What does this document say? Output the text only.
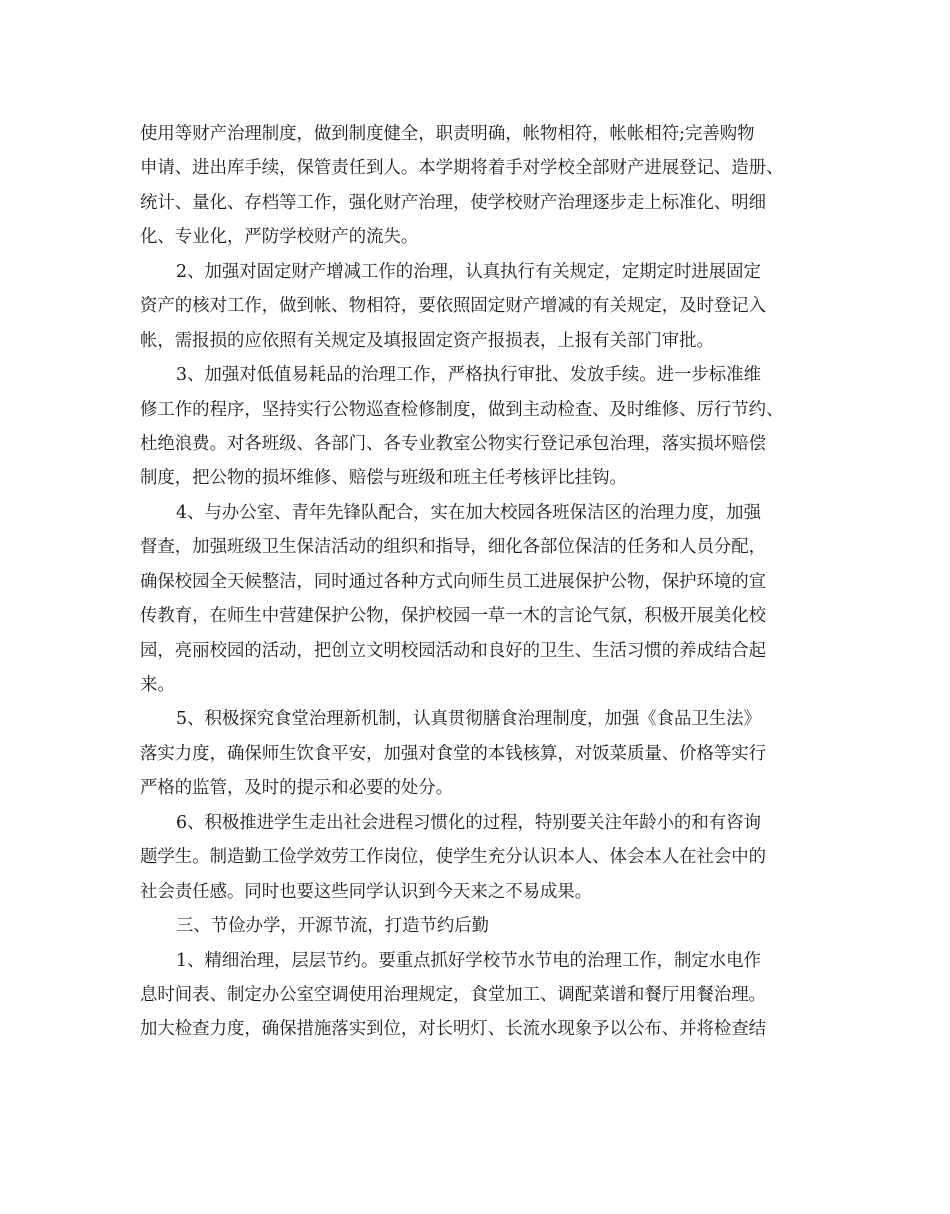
使用等财产治理制度，做到制度健全，职责明确，帐物相符，帐帐相符;完善购物
申请、进出库手续，保管责任到人。本学期将着手对学校全部财产进展登记、造册、
统计、量化、存档等工作，强化财产治理，使学校财产治理逐步走上标准化、明细
化、专业化，严防学校财产的流失。
2、加强对固定财产增减工作的治理，认真执行有关规定，定期定时进展固定
资产的核对工作，做到帐、物相符，要依照固定财产增减的有关规定，及时登记入
帐，需报损的应依照有关规定及填报固定资产报损表，上报有关部门审批。
3、加强对低值易耗品的治理工作，严格执行审批、发放手续。进一步标准维
修工作的程序，坚持实行公物巡查检修制度，做到主动检查、及时维修、厉行节约、
杜绝浪费。对各班级、各部门、各专业教室公物实行登记承包治理，落实损坏赔偿
制度，把公物的损坏维修、赔偿与班级和班主任考核评比挂钩。
4、与办公室、青年先锋队配合，实在加大校园各班保洁区的治理力度，加强
督查，加强班级卫生保洁活动的组织和指导，细化各部位保洁的任务和人员分配，
确保校园全天候整洁，同时通过各种方式向师生员工进展保护公物，保护环境的宣
传教育，在师生中营建保护公物，保护校园一草一木的言论气氛，积极开展美化校
园，亮丽校园的活动，把创立文明校园活动和良好的卫生、生活习惯的养成结合起
来。
5、积极探究食堂治理新机制，认真贯彻膳食治理制度，加强《食品卫生法》
落实力度，确保师生饮食平安，加强对食堂的本钱核算，对饭菜质量、价格等实行
严格的监管，及时的提示和必要的处分。
6、积极推进学生走出社会进程习惯化的过程，特别要关注年龄小的和有咨询
题学生。制造勤工俭学效劳工作岗位，使学生充分认识本人、体会本人在社会中的
社会责任感。同时也要这些同学认识到今天来之不易成果。
三、节俭办学，开源节流，打造节约后勤
1、精细治理，层层节约。要重点抓好学校节水节电的治理工作，制定水电作
息时间表、制定办公室空调使用治理规定，食堂加工、调配菜谱和餐厅用餐治理。
加大检查力度，确保措施落实到位，对长明灯、长流水现象予以公布、并将检查结
